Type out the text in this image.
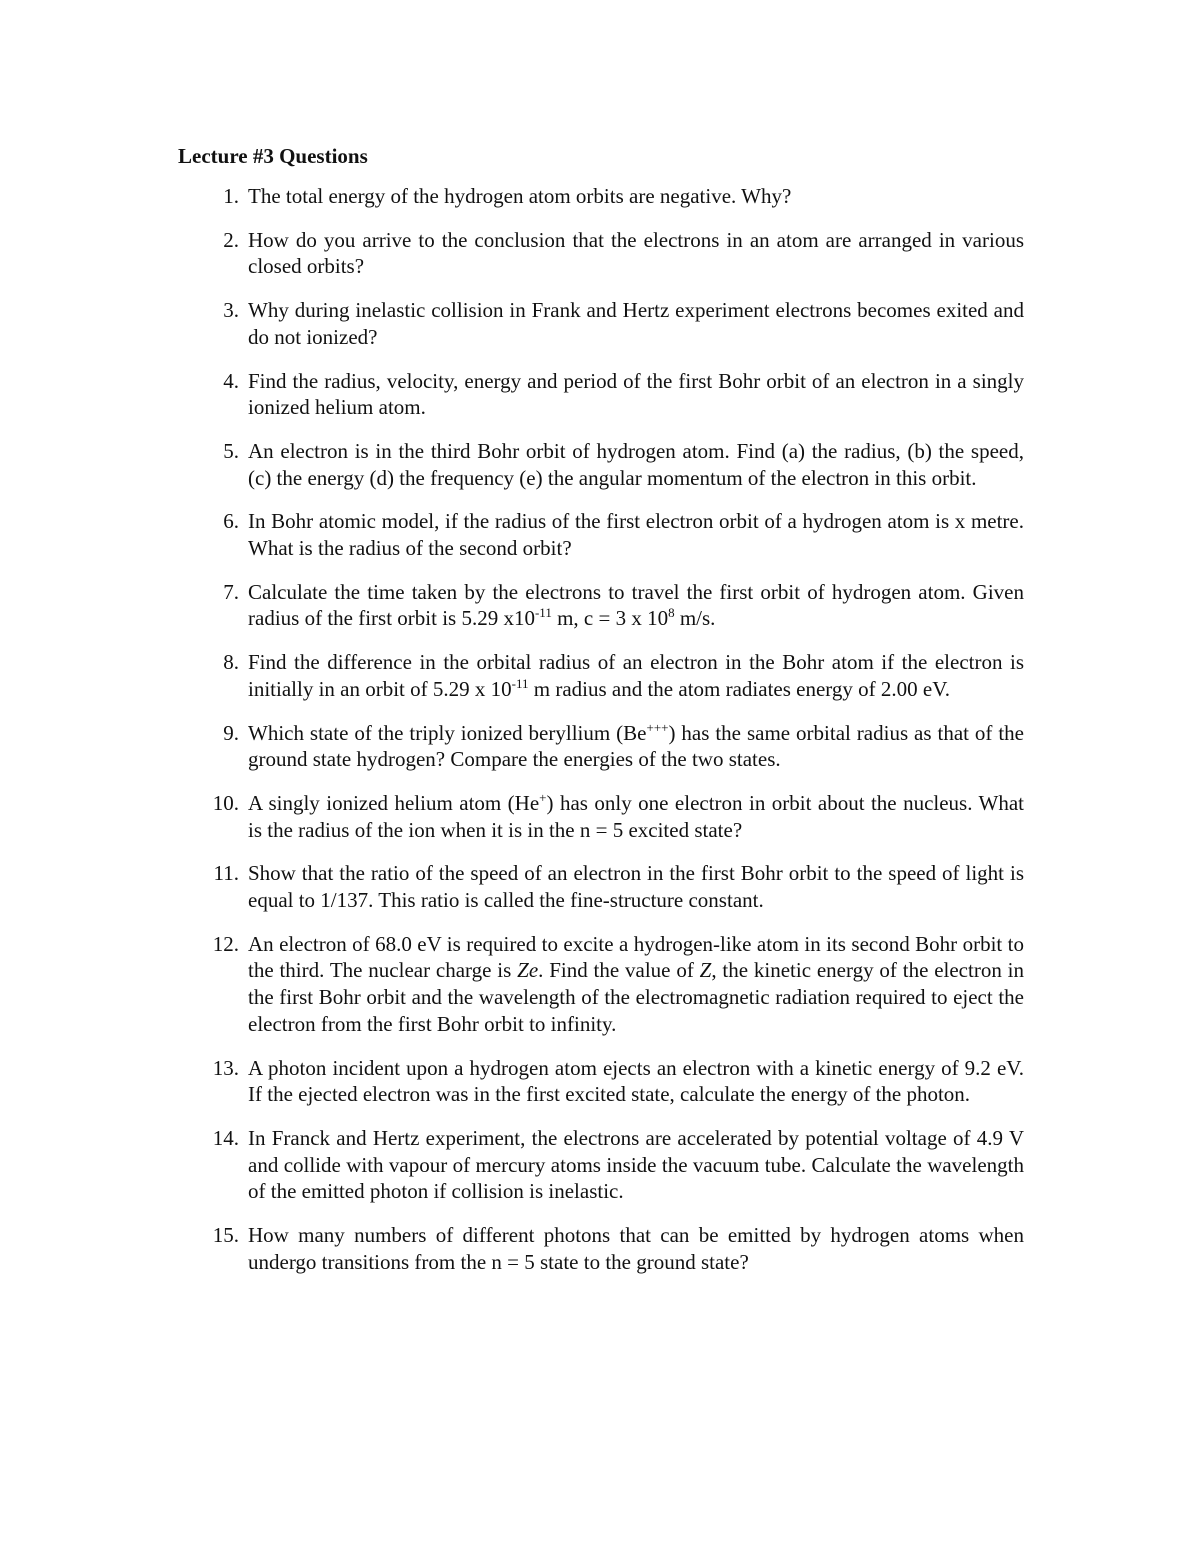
Lecture #3 Questions
1. The total energy of the hydrogen atom orbits are negative. Why?
2. How do you arrive to the conclusion that the electrons in an atom are arranged in various closed orbits?
3. Why during inelastic collision in Frank and Hertz experiment electrons becomes exited and do not ionized?
4. Find the radius, velocity, energy and period of the first Bohr orbit of an electron in a singly ionized helium atom.
5. An electron is in the third Bohr orbit of hydrogen atom. Find (a) the radius, (b) the speed, (c) the energy (d) the frequency (e) the angular momentum of the electron in this orbit.
6. In Bohr atomic model, if the radius of the first electron orbit of a hydrogen atom is x metre. What is the radius of the second orbit?
7. Calculate the time taken by the electrons to travel the first orbit of hydrogen atom. Given radius of the first orbit is 5.29 $x10^{-11}$ m, c = 3 x $10^8$ m/s.
8. Find the difference in the orbital radius of an electron in the Bohr atom if the electron is initially in an orbit of 5.29 x $10^{-11}$ m radius and the atom radiates energy of 2.00 eV.
9. Which state of the triply ionized beryllium (Be+++) has the same orbital radius as that of the ground state hydrogen? Compare the energies of the two states.
10. A singly ionized helium atom (He+) has only one electron in orbit about the nucleus. What is the radius of the ion when it is in the n = 5 excited state?
11. Show that the ratio of the speed of an electron in the first Bohr orbit to the speed of light is equal to 1/137. This ratio is called the fine-structure constant.
12. An electron of 68.0 eV is required to excite a hydrogen-like atom in its second Bohr orbit to the third. The nuclear charge is Ze. Find the value of Z, the kinetic energy of the electron in the first Bohr orbit and the wavelength of the electromagnetic radiation required to eject the electron from the first Bohr orbit to infinity.
13. A photon incident upon a hydrogen atom ejects an electron with a kinetic energy of 9.2 eV. If the ejected electron was in the first excited state, calculate the energy of the photon.
14. In Franck and Hertz experiment, the electrons are accelerated by potential voltage of 4.9 V and collide with vapour of mercury atoms inside the vacuum tube. Calculate the wavelength of the emitted photon if collision is inelastic.
15. How many numbers of different photons that can be emitted by hydrogen atoms when undergo transitions from the n = 5 state to the ground state?
